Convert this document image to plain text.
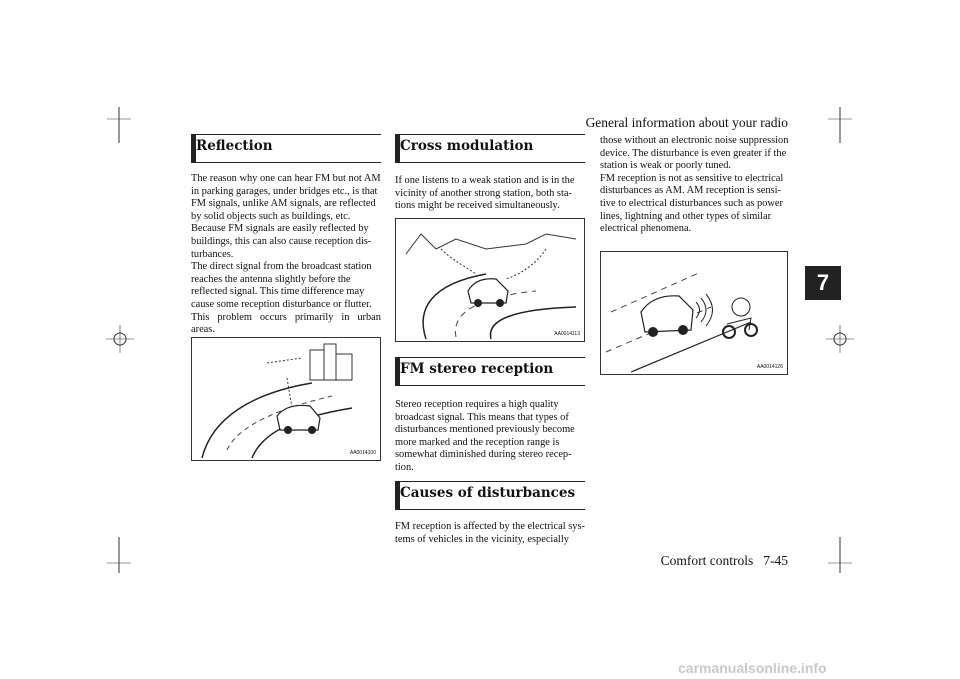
General information about your radio
Comfort controls 7-45
7
Reflection

The reason why one can hear FM but not AM
in parking garages, under bridges etc., is that
FM signals, unlike AM signals, are reflected
by solid objects such as buildings, etc.
Because FM signals are easily reflected by
buildings, this can also cause reception dis-
turbances.
The direct signal from the broadcast station
reaches the antenna slightly before the
reflected signal. This time difference may
cause some reception disturbance or flutter.
This problem occurs primarily in urban areas.

AA0014100
Cross modulation

If one listens to a weak station and is in the
vicinity of another strong station, both sta-
tions might be received simultaneously.

AA0014113
FM stereo reception

Stereo reception requires a high quality
broadcast signal. This means that types of
disturbances mentioned previously become
more marked and the reception range is
somewhat diminished during stereo recep-
tion.

Causes of disturbances

FM reception is affected by the electrical sys-
tems of vehicles in the vicinity, especially

those without an electronic noise suppression
device. The disturbance is even greater if the
station is weak or poorly tuned.
FM reception is not as sensitive to electrical
disturbances as AM. AM reception is sensi-
tive to electrical disturbances such as power
lines, lightning and other types of similar
electrical phenomena.

AA0014126
carmanualsonline.info
